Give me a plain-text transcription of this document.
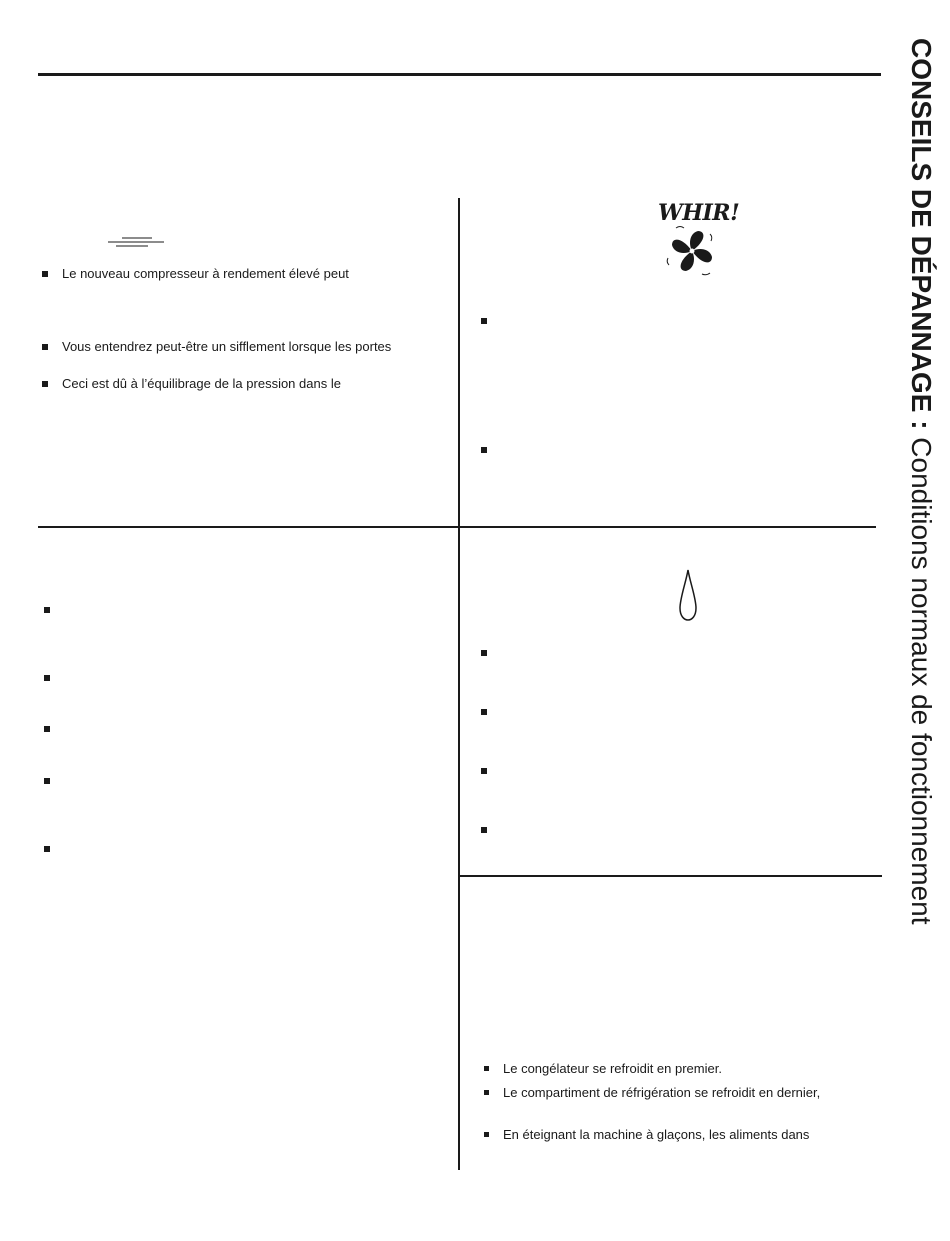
CONSEILS DE DÉPANNAGE : Conditions normaux de fonctionnement
Le nouveau compresseur à rendement élevé peut
Vous entendrez peut-être un sifflement lorsque les portes
Ceci est dû à l’équilibrage de la pression dans le
WHIR!
Le congélateur se refroidit en premier.
Le compartiment de réfrigération se refroidit en dernier,
En éteignant la machine à glaçons, les aliments dans
